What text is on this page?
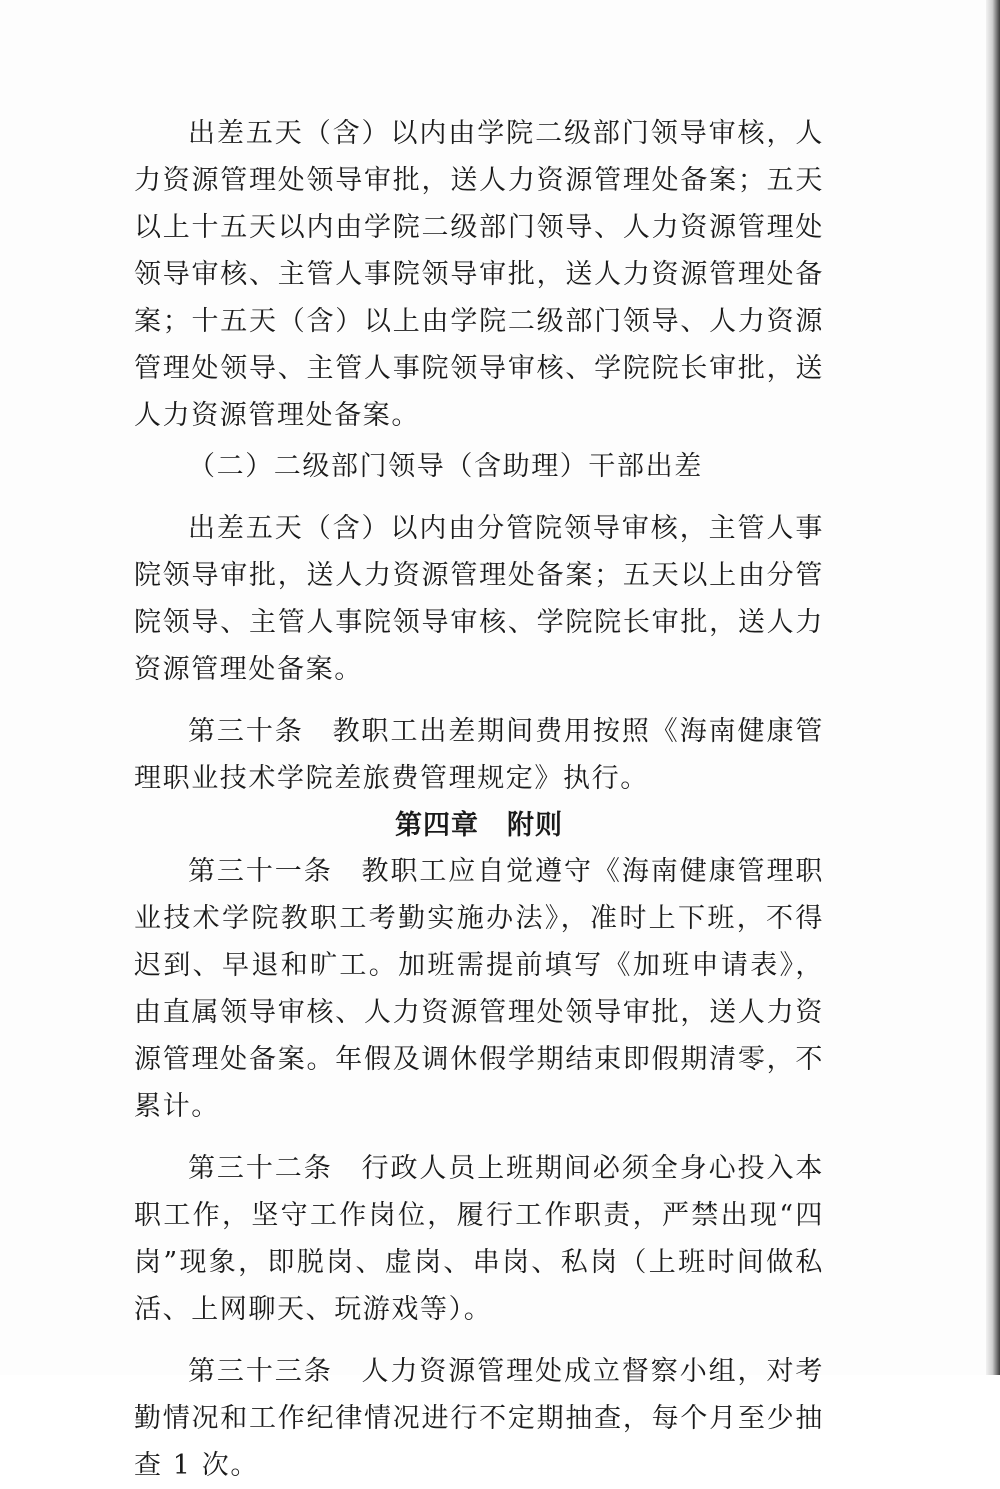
出差五天（含）以内由学院二级部门领导审核，人力资源管理处领导审批，送人力资源管理处备案；五天以上十五天以内由学院二级部门领导、人力资源管理处领导审核、主管人事院领导审批，送人力资源管理处备案；十五天（含）以上由学院二级部门领导、人力资源管理处领导、主管人事院领导审核、学院院长审批，送人力资源管理处备案。

（二）二级部门领导（含助理）干部出差

出差五天（含）以内由分管院领导审核，主管人事院领导审批，送人力资源管理处备案；五天以上由分管院领导、主管人事院领导审核、学院院长审批，送人力资源管理处备案。

第三十条　教职工出差期间费用按照《海南健康管理职业技术学院差旅费管理规定》执行。

第四章　附则

第三十一条　教职工应自觉遵守《海南健康管理职业技术学院教职工考勤实施办法》，准时上下班，不得迟到、早退和旷工。加班需提前填写《加班申请表》，由直属领导审核、人力资源管理处领导审批，送人力资源管理处备案。年假及调休假学期结束即假期清零，不累计。

第三十二条　行政人员上班期间必须全身心投入本职工作，坚守工作岗位，履行工作职责，严禁出现“四岗”现象，即脱岗、虚岗、串岗、私岗（上班时间做私活、上网聊天、玩游戏等）。

第三十三条　人力资源管理处成立督察小组，对考勤情况和工作纪律情况进行不定期抽查，每个月至少抽查 1 次。
